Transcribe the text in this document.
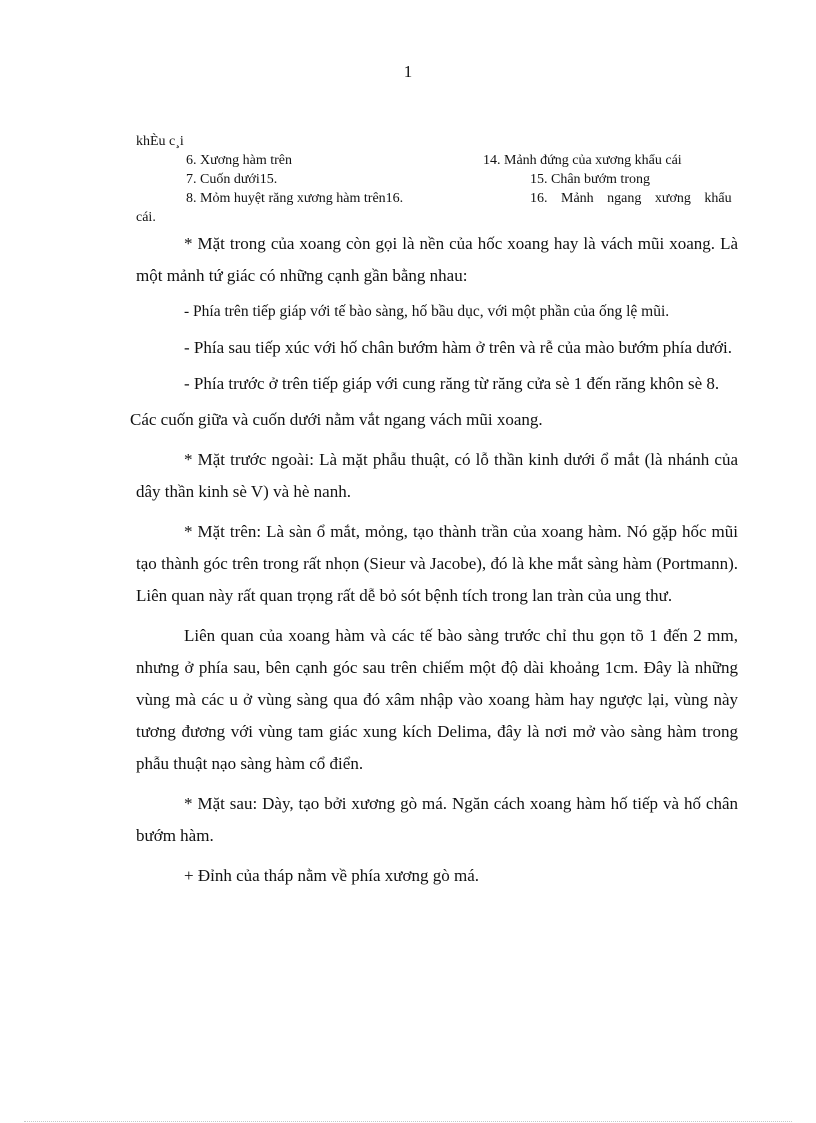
1
khÈu c¸i
6. Xương hàm trên	14. Mảnh đứng của xương khẩu cái
7. Cuốn dưới15.	15. Chân bướm trong
8. Mỏm huyệt răng xương hàm trên16.	16. Mảnh ngang xương khẩu
cái.

* Mặt trong của xoang còn gọi là nền của hốc xoang hay là vách mũi xoang. Là một mảnh tứ giác có những cạnh gần bằng nhau:

- Phía trên tiếp giáp với tế bào sàng, hố bầu dục, với một phần của ống lệ mũi.

- Phía sau tiếp xúc với hố chân bướm hàm ở trên và rễ của mào bướm phía dưới.

- Phía trước ở trên tiếp giáp với cung răng từ răng cửa sè 1 đến răng khôn sè 8.

Các cuốn giữa và cuốn dưới nằm vắt ngang vách mũi xoang.

* Mặt trước ngoài: Là mặt phẫu thuật, có lỗ thần kinh dưới ổ mắt (là nhánh của dây thần kinh sè V) và hè nanh.

* Mặt trên: Là sàn ổ mắt, mỏng, tạo thành trần của xoang hàm. Nó gặp hốc mũi tạo thành góc trên trong rất nhọn (Sieur và Jacobe), đó là khe mắt sàng hàm (Portmann). Liên quan này rất quan trọng rất dễ bỏ sót bệnh tích trong lan tràn của ung thư.

Liên quan của xoang hàm và các tế bào sàng trước chỉ thu gọn tõ 1 đến 2 mm, nhưng ở phía sau, bên cạnh góc sau trên chiếm một độ dài khoảng 1cm. Đây là những vùng mà các u ở vùng sàng qua đó xâm nhập vào xoang hàm hay ngược lại, vùng này tương đương với vùng tam giác xung kích Delima, đây là nơi mở vào sàng hàm trong phẫu thuật nạo sàng hàm cổ điển.

* Mặt sau: Dày, tạo bởi xương gò má. Ngăn cách xoang hàm hố tiếp và hố chân bướm hàm.

+ Đỉnh của tháp nằm về phía xương gò má.
